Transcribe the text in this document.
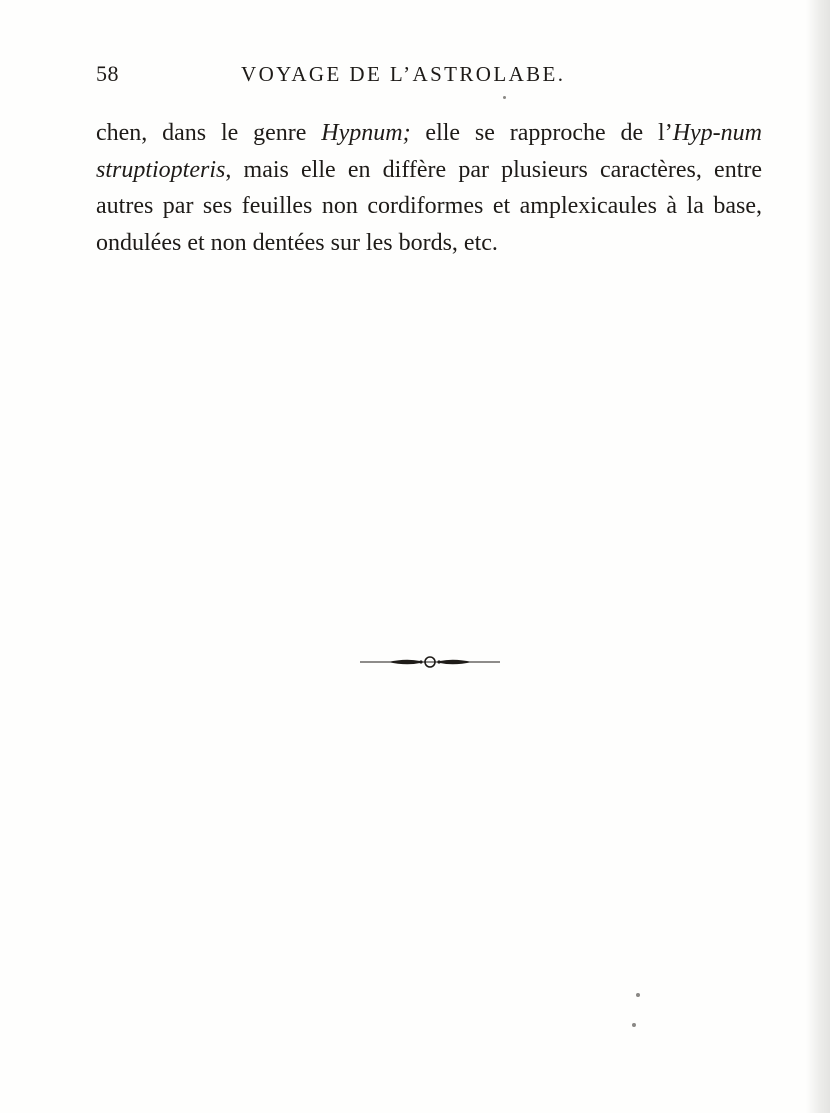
58	VOYAGE DE L’ASTROLABE.

chen, dans le genre Hypnum; elle se rapproche de l’Hyp-num struptiopteris, mais elle en diffère par plusieurs caractères, entre autres par ses feuilles non cordiformes et amplexicaules à la base, ondulées et non dentées sur les bords, etc.
